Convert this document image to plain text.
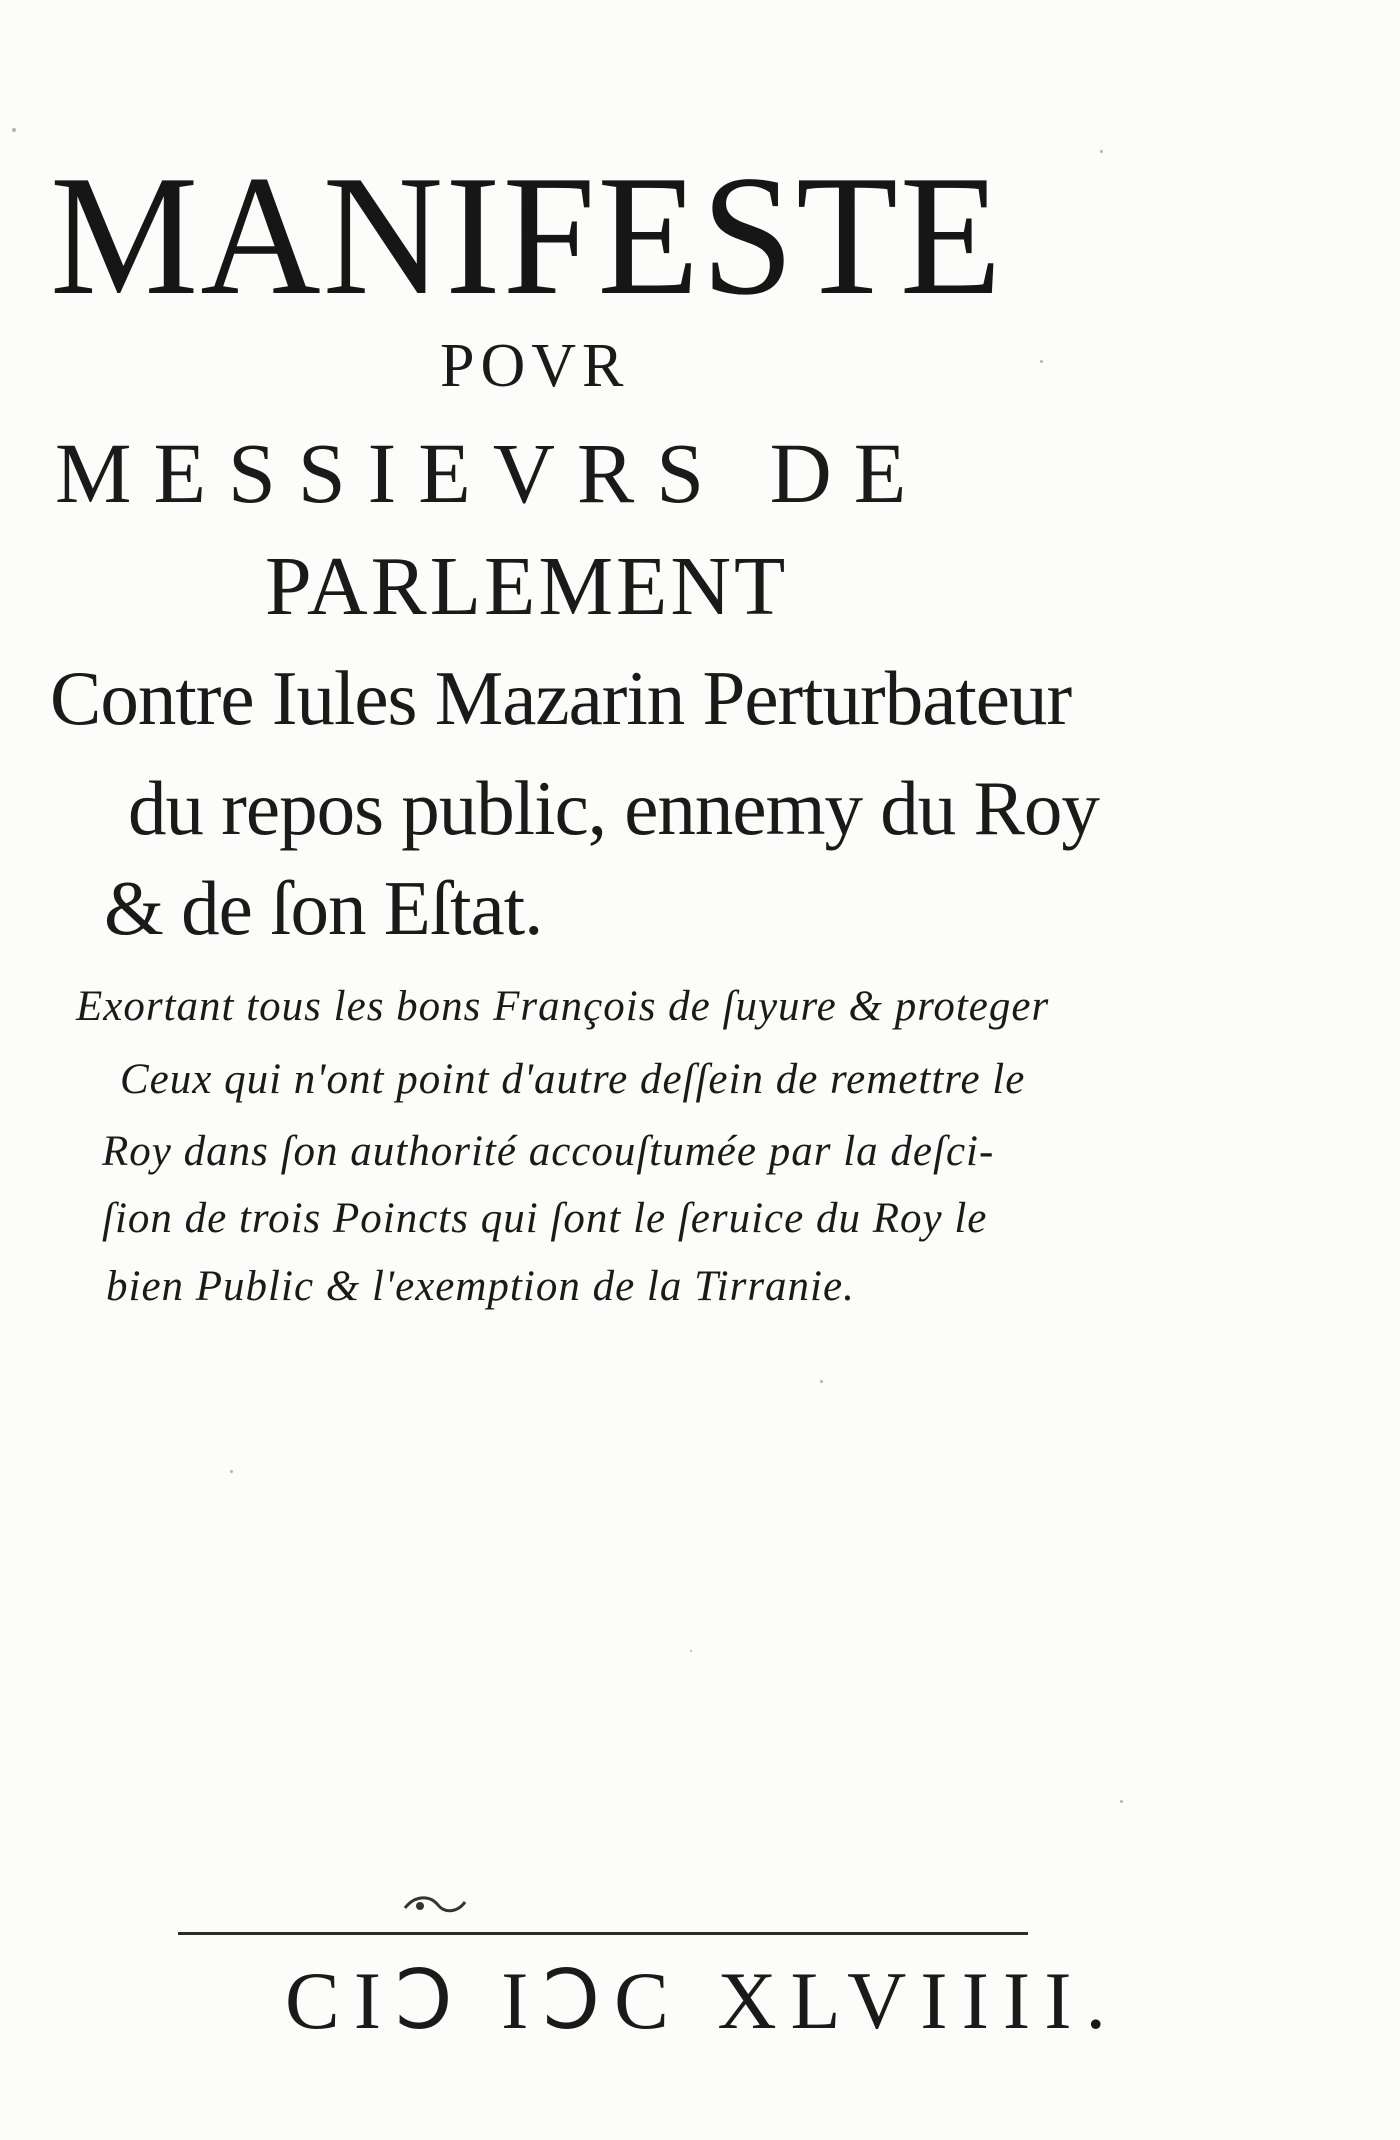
MANIFESTE
POVR
MESSIEVRS DE
PARLEMENT
Contre Iules Mazarin Perturbateur
du repos public, ennemy du Roy
& de ſon Eſtat.
Exortant tous les bons François de ſuyure & proteger
Ceux qui n'ont point d'autre deſſein de remettre le
Roy dans ſon authorité accouſtumée par la deſci-
ſion de trois Poincts qui ſont le ſeruice du Roy le
bien Public & l'exemption de la Tirranie.
CIↃ IↃC XLVIIII.
